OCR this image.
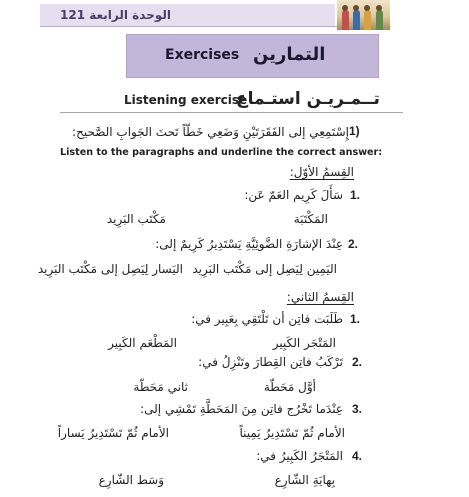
الوحدة الرابعة 121
Exercises التمارين
Listening exercise
تــمـريـن استـماع
إِسْتَمِعِي إلى الفَقَرَتَيْنِ وَضَعِي خَطّاً تَحتَ الجَوابِ الصَّحيح: 1)
Listen to the paragraphs and underline the correct answer:
القِسمُ الأوّل:
1.
سَأَلَ كَرِيم العَمّ عَن:
المَكْتَبَة
مَكْتَب البَرِيد
2.
عِنْدَ الإشارَةِ الضَّوئِيَّةِ يَسْتَدِيرُ كَرِيمٌ إلى:
اليَمِين لِيَصِل إلى مَكْتَب البَرِيد
اليَسار لِيَصِل إلى مَكْتَب البَرِيد
القِسمُ الثاني:
1.
طَلَبَت فاتِن أن تَلْتَقِي بِعَبِير في:
المَتْجَر الكَبِير
المَطْعَم الكَبِير
2.
تَرْكَبُ فاتِن القِطارَ وتَنْزِلُ في:
أوَّل مَحَطّة
ثاني مَحَطّة
3.
عِنْدَما تَخْرُج فاتِن مِنَ المَحَطَّةِ تَمْشِي إلى:
الأمام ثُمّ تَسْتَدِيرُ يَمِيناً
الأمام ثُمّ تَسْتَدِيرُ يَساراً
4.
المَتْجَرُ الكَبِيرُ في:
بِهايَةِ الشّارِع
وَسَط الشّارِع
